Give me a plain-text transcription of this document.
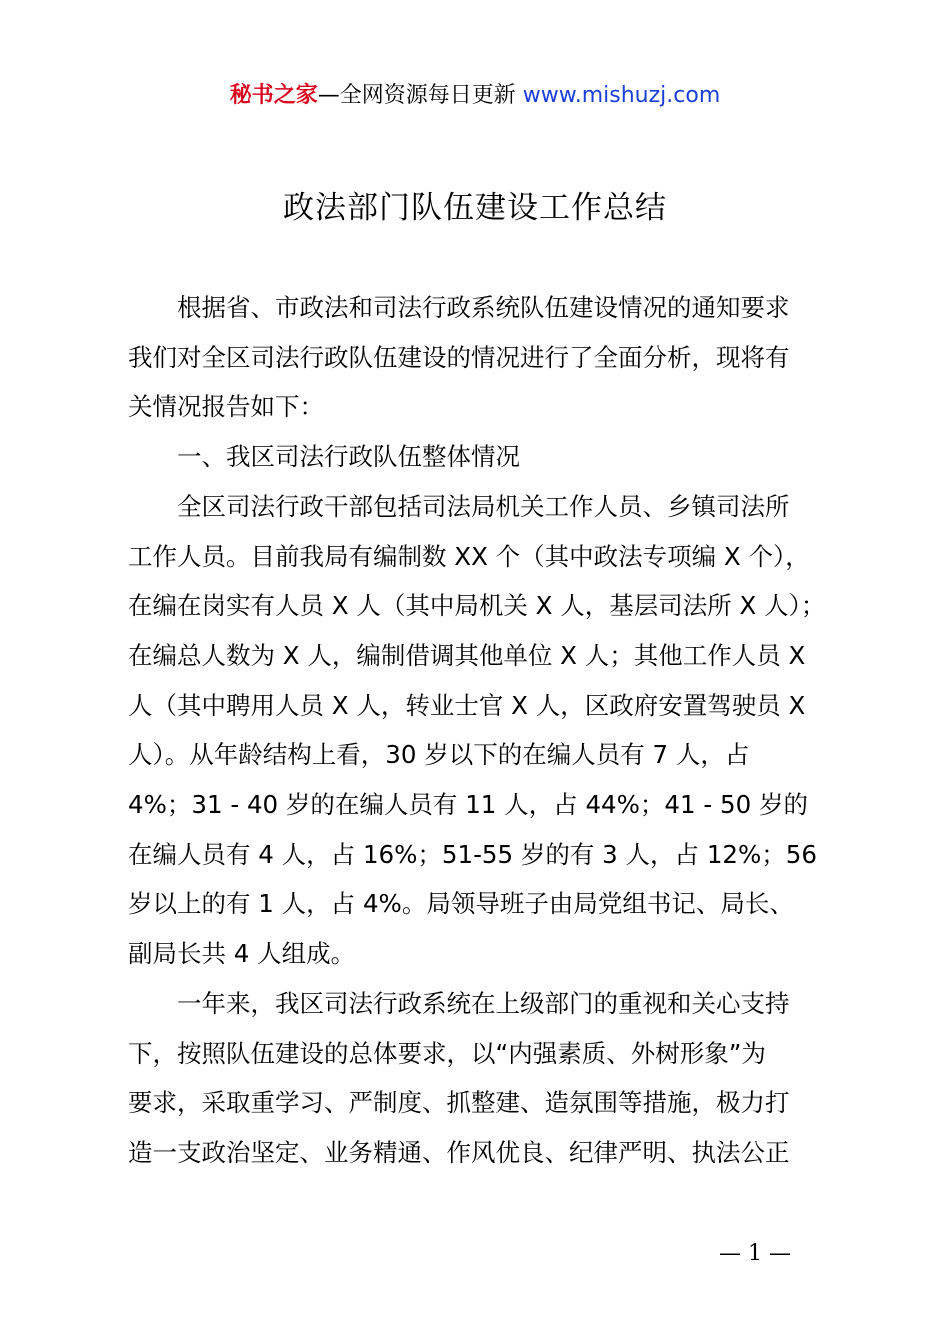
秘书之家—全网资源每日更新 www.mishuzj.com
政法部门队伍建设工作总结

根据省、市政法和司法行政系统队伍建设情况的通知要求
我们对全区司法行政队伍建设的情况进行了全面分析，现将有
关情况报告如下：

一、我区司法行政队伍整体情况

全区司法行政干部包括司法局机关工作人员、乡镇司法所
工作人员。目前我局有编制数 XX 个（其中政法专项编 X 个），
在编在岗实有人员 X 人（其中局机关 X 人，基层司法所 X 人）；
在编总人数为 X 人，编制借调其他单位 X 人；其他工作人员 X
人（其中聘用人员 X 人，转业士官 X 人，区政府安置驾驶员 X
人）。从年龄结构上看，30 岁以下的在编人员有 7 人，占
4%；31 - 40 岁的在编人员有 11 人，占 44%；41 - 50 岁的
在编人员有 4 人，占 16%；51-55 岁的有 3 人，占 12%；56
岁以上的有 1 人，占 4%。局领导班子由局党组书记、局长、
副局长共 4 人组成。

一年来，我区司法行政系统在上级部门的重视和关心支持
下，按照队伍建设的总体要求，以“内强素质、外树形象”为
要求，采取重学习、严制度、抓整建、造氛围等措施，极力打
造一支政治坚定、业务精通、作风优良、纪律严明、执法公正

— 1 —
